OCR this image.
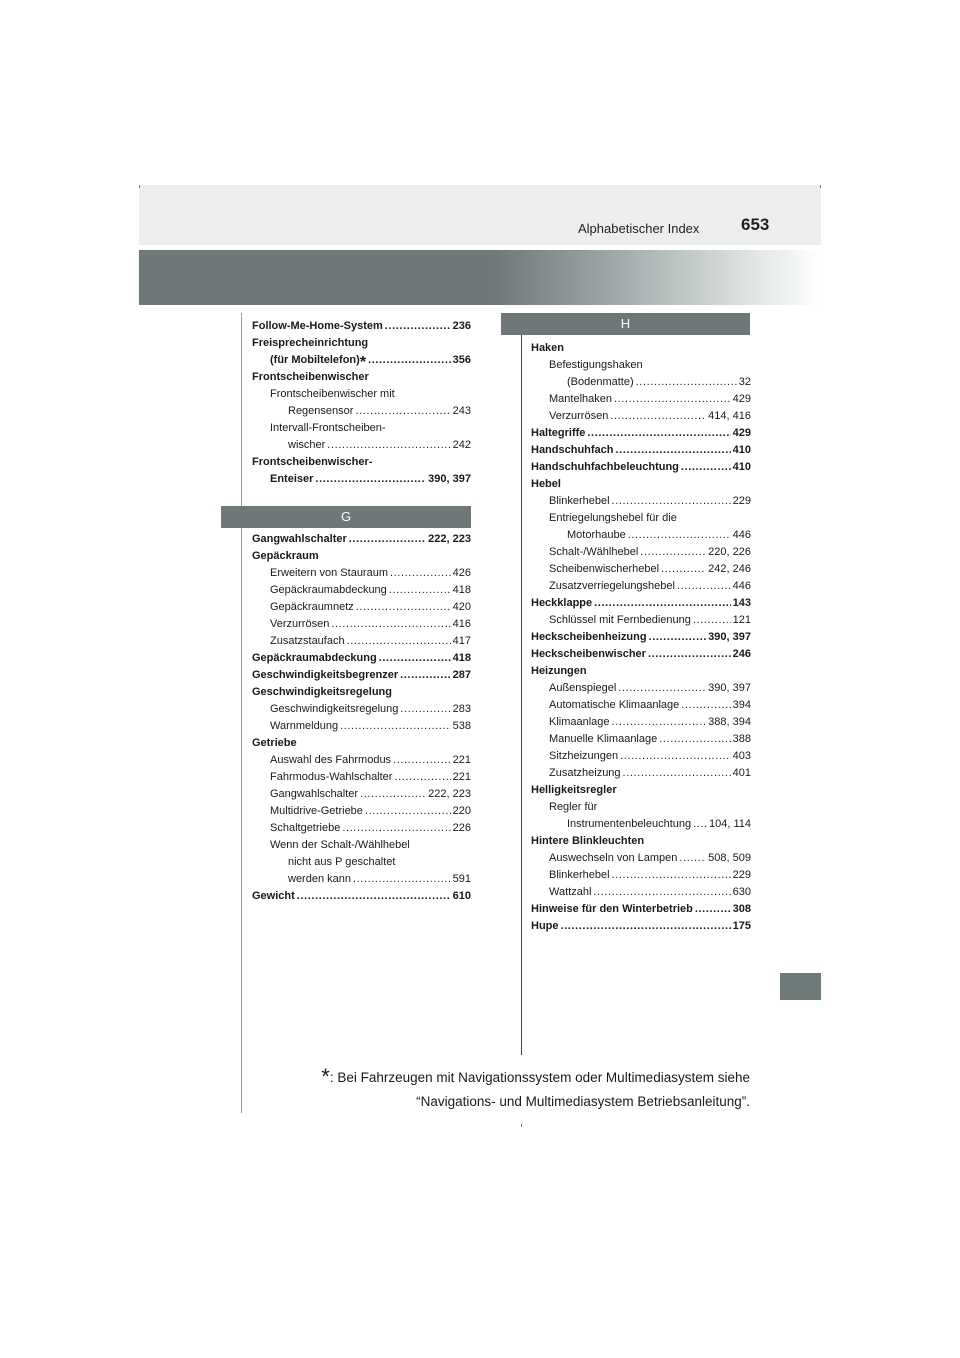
Alphabetischer Index 653
Follow-Me-Home-System .....	236
Freisprecheinrichtung
(für Mobiltelefon) * .....	356
Frontscheibenwischer
Frontscheibenwischer mit
Regensensor .....	243
Intervall-Frontscheiben-
wischer .....	242
Frontscheibenwischer-
Enteiser .....	390, 397
G
Gangwahlschalter .....	222, 223
Gepäckraum
Erweitern von Stauraum .....	426
Gepäckraumabdeckung .....	418
Gepäckraumnetz .....	420
Verzurrösen .....	416
Zusatzstaufach .....	417
Gepäckraumabdeckung .....	418
Geschwindigkeitsbegrenzer .....	287
Geschwindigkeitsregelung
Geschwindigkeitsregelung .....	283
Warnmeldung .....	538
Getriebe
Auswahl des Fahrmodus .....	221
Fahrmodus-Wahlschalter .....	221
Gangwahlschalter .....	222, 223
Multidrive-Getriebe .....	220
Schaltgetriebe .....	226
Wenn der Schalt-/Wählhebel
nicht aus P geschaltet
werden kann .....	591
Gewicht .....	610
H
Haken
Befestigungshaken
(Bodenmatte) .....	32
Mantelhaken .....	429
Verzurrösen .....	414, 416
Haltegriffe .....	429
Handschuhfach .....	410
Handschuhfachbeleuchtung .....	410
Hebel
Blinkerhebel .....	229
Entriegelungshebel für die
Motorhaube .....	446
Schalt-/Wählhebel .....	220, 226
Scheibenwischerhebel .....	242, 246
Zusatzverriegelungshebel .....	446
Heckklappe .....	143
Schlüssel mit Fernbedienung .....	121
Heckscheibenheizung .....	390, 397
Heckscheibenwischer .....	246
Heizungen
Außenspiegel .....	390, 397
Automatische Klimaanlage .....	394
Klimaanlage .....	388, 394
Manuelle Klimaanlage .....	388
Sitzheizungen .....	403
Zusatzheizung .....	401
Helligkeitsregler
Regler für
Instrumentenbeleuchtung ..... 104, 114
Hintere Blinkleuchten
Auswechseln von Lampen .....	508, 509
Blinkerhebel .....	229
Wattzahl .....	630
Hinweise für den Winterbetrieb .....	308
Hupe .....	175
*: Bei Fahrzeugen mit Navigationssystem oder Multimediasystem siehe
“Navigations- und Multimediasystem Betriebsanleitung”.
